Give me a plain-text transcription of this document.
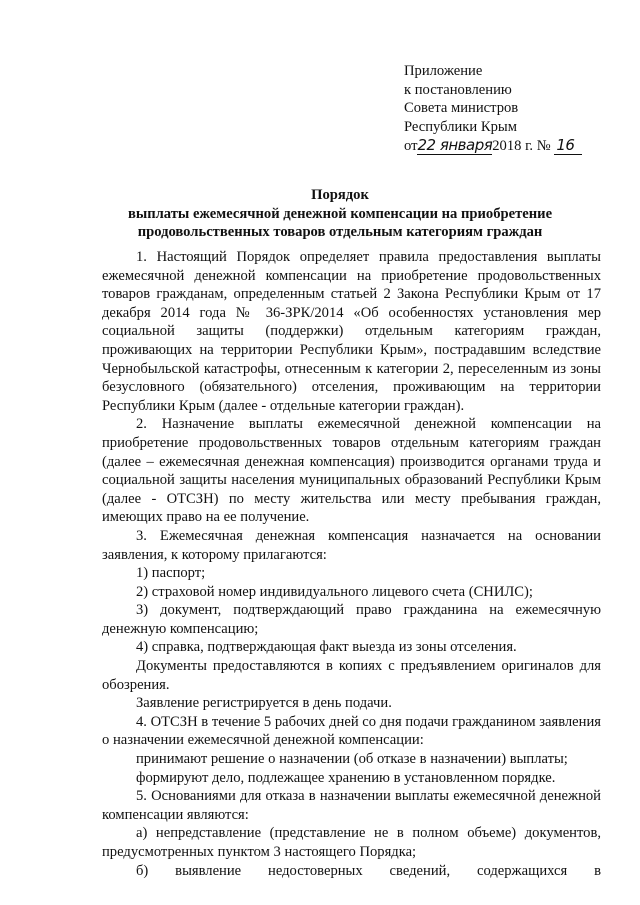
Приложение
к постановлению
Совета министров
Республики Крым
от22 января2018 г. № 16
Порядок
выплаты ежемесячной денежной компенсации на приобретение
продовольственных товаров отдельным категориям граждан

1. Настоящий Порядок определяет правила предоставления выплаты ежемесячной денежной компенсации на приобретение продовольственных товаров гражданам, определенным статьей 2 Закона Республики Крым от 17 декабря 2014 года № 36-ЗРК/2014 «Об особенностях установления мер социальной защиты (поддержки) отдельным категориям граждан, проживающих на территории Республики Крым», пострадавшим вследствие Чернобыльской катастрофы, отнесенным к категории 2, переселенным из зоны безусловного (обязательного) отселения, проживающим на территории Республики Крым (далее - отдельные категории граждан).

2. Назначение выплаты ежемесячной денежной компенсации на приобретение продовольственных товаров отдельным категориям граждан (далее – ежемесячная денежная компенсация) производится органами труда и социальной защиты населения муниципальных образований Республики Крым (далее - ОТСЗН) по месту жительства или месту пребывания граждан, имеющих право на ее получение.

3. Ежемесячная денежная компенсация назначается на основании заявления, к которому прилагаются:

1) паспорт;

2) страховой номер индивидуального лицевого счета (СНИЛС);

3) документ, подтверждающий право гражданина на ежемесячную денежную компенсацию;

4) справка, подтверждающая факт выезда из зоны отселения.

Документы предоставляются в копиях с предъявлением оригиналов для обозрения.

Заявление регистрируется в день подачи.

4. ОТСЗН в течение 5 рабочих дней со дня подачи гражданином заявления о назначении ежемесячной денежной компенсации:

принимают решение о назначении (об отказе в назначении) выплаты;

формируют дело, подлежащее хранению в установленном порядке.

5. Основаниями для отказа в назначении выплаты ежемесячной денежной компенсации являются:

а) непредставление (представление не в полном объеме) документов, предусмотренных пунктом 3 настоящего Порядка;

б) выявление недостоверных сведений, содержащихся в
